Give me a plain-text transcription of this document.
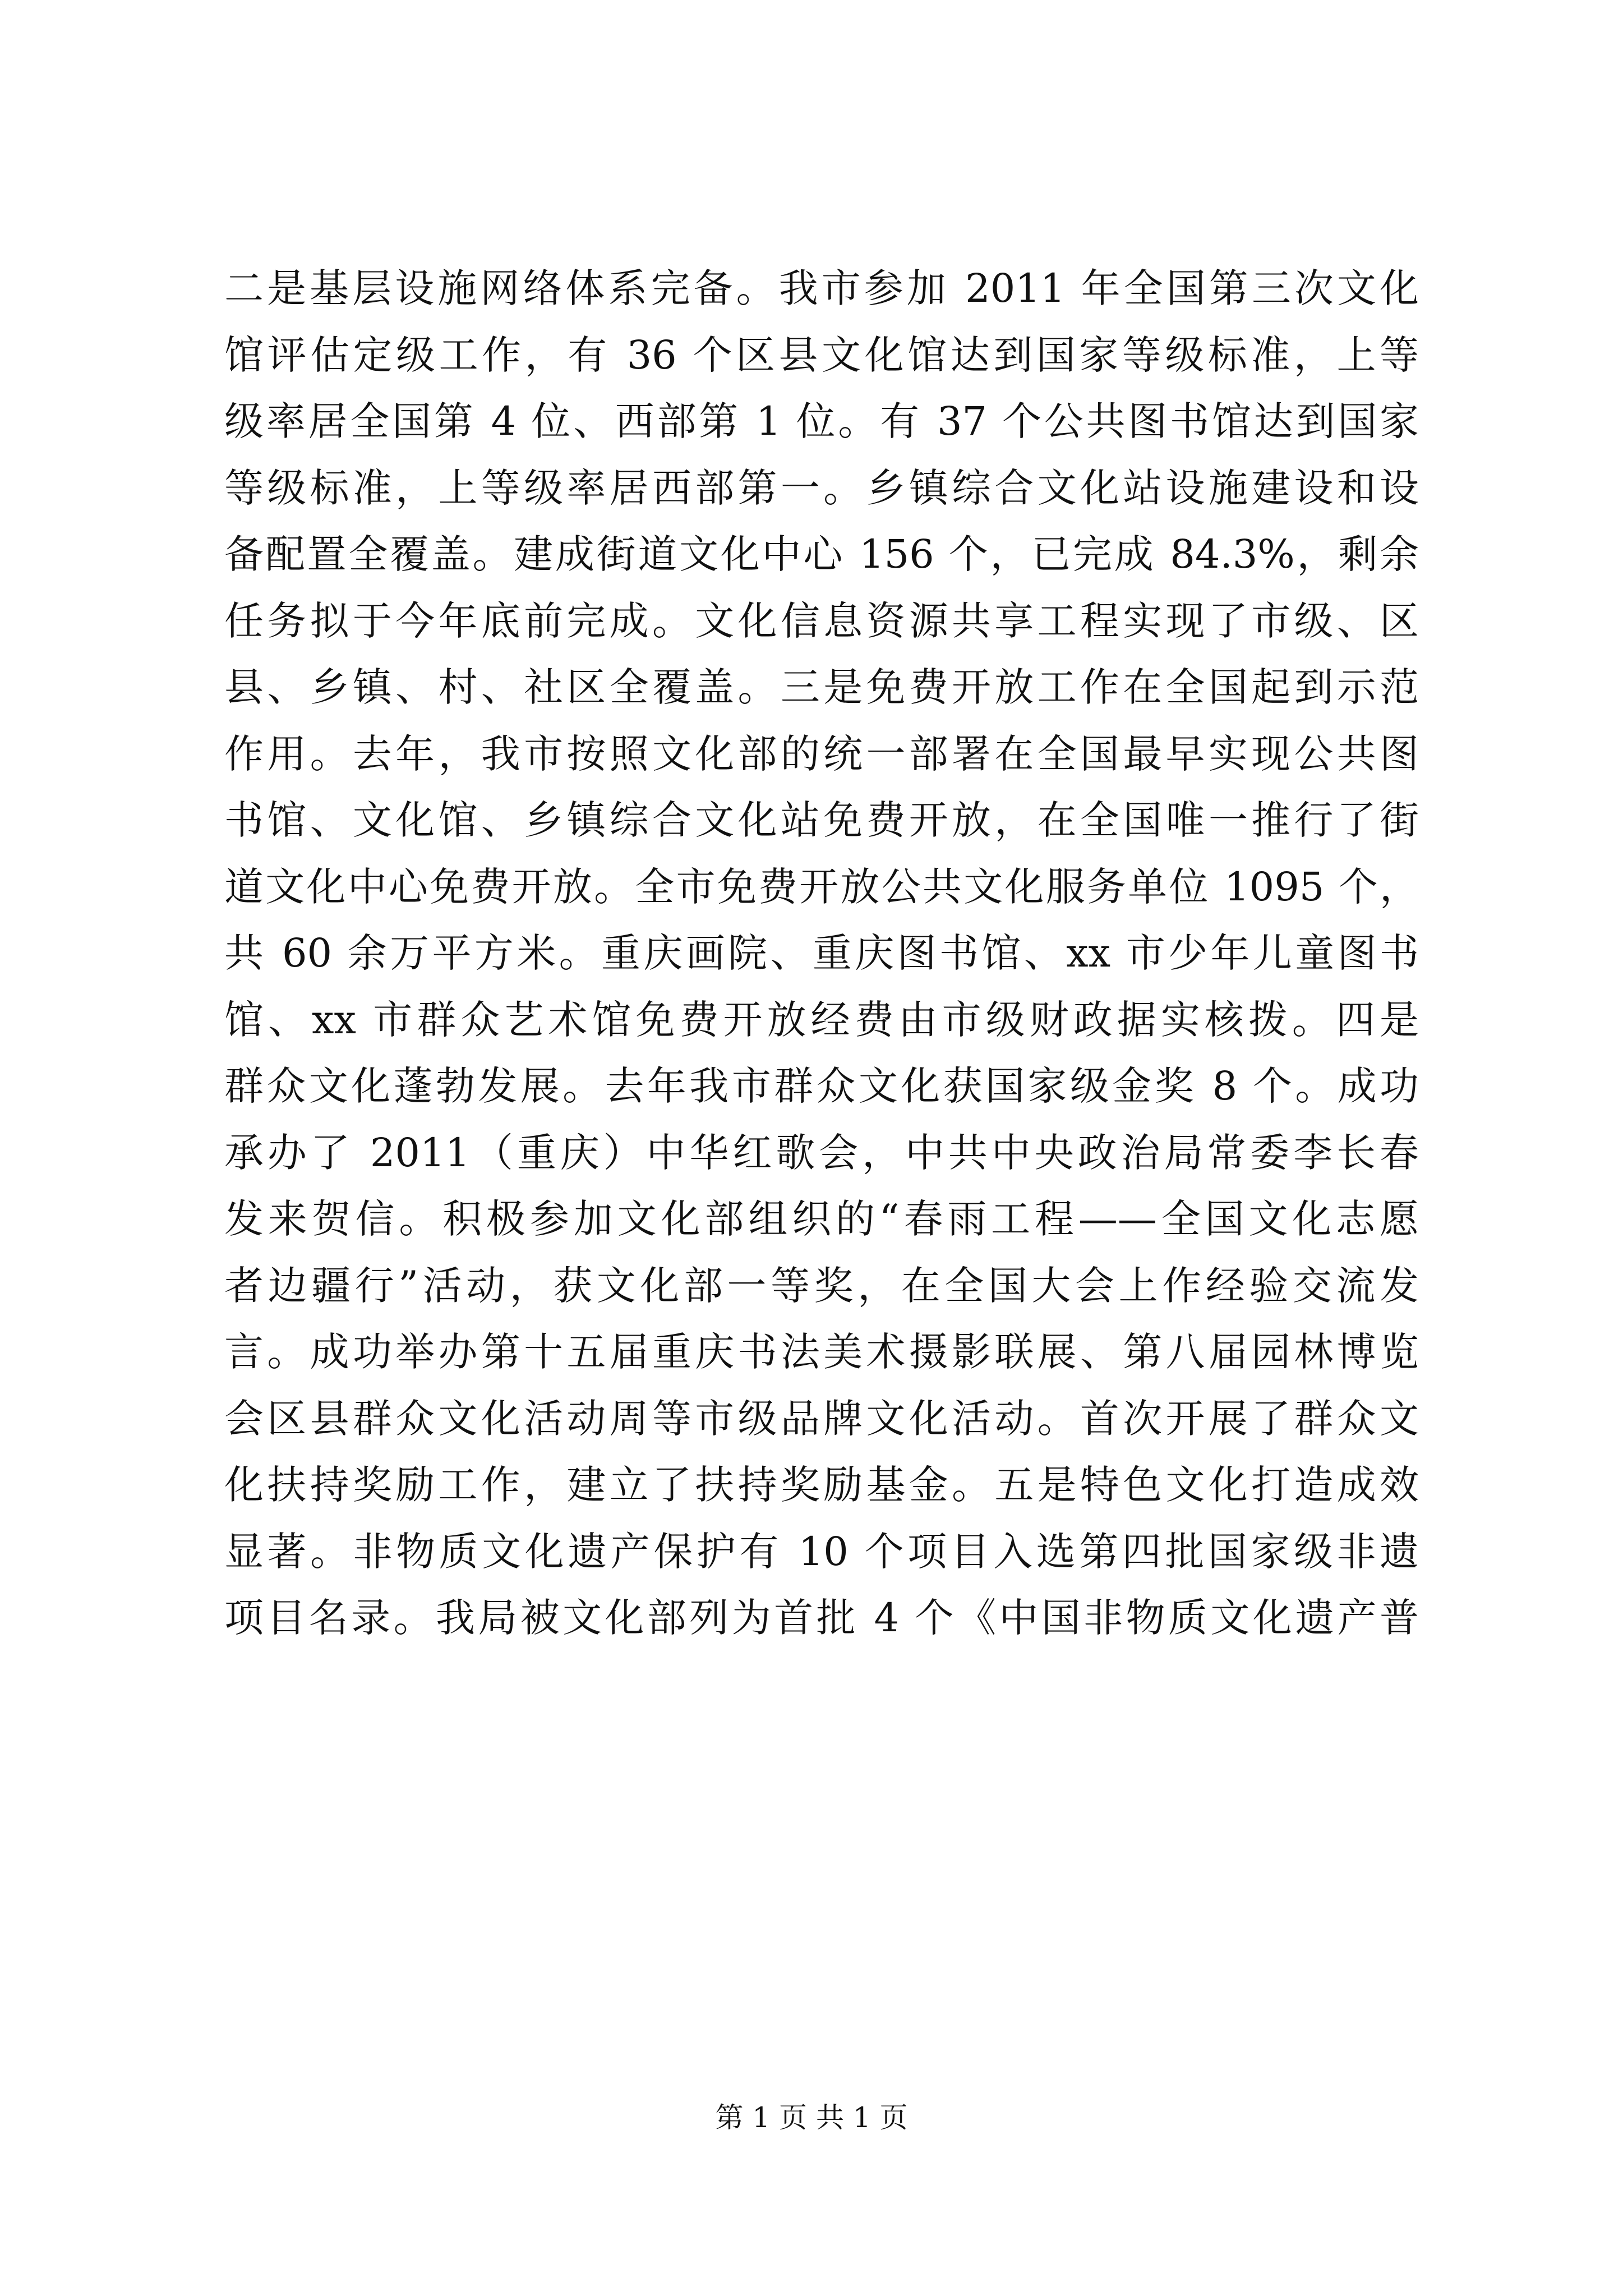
二是基层设施网络体系完备。我市参加 2011 年全国第三次文化
馆评估定级工作，有 36 个区县文化馆达到国家等级标准，上等
级率居全国第 4 位、西部第 1 位。有 37 个公共图书馆达到国家
等级标准，上等级率居西部第一。乡镇综合文化站设施建设和设
备配置全覆盖。建成街道文化中心 156 个，已完成 84.3%，剩余
任务拟于今年底前完成。文化信息资源共享工程实现了市级、区
县、乡镇、村、社区全覆盖。三是免费开放工作在全国起到示范
作用。去年，我市按照文化部的统一部署在全国最早实现公共图
书馆、文化馆、乡镇综合文化站免费开放，在全国唯一推行了街
道文化中心免费开放。全市免费开放公共文化服务单位 1095 个，
共 60 余万平方米。重庆画院、重庆图书馆、xx 市少年儿童图书
馆、xx 市群众艺术馆免费开放经费由市级财政据实核拨。四是
群众文化蓬勃发展。去年我市群众文化获国家级金奖 8 个。成功
承办了 2011（重庆）中华红歌会，中共中央政治局常委李长春
发来贺信。积极参加文化部组织的“春雨工程——全国文化志愿
者边疆行”活动，获文化部一等奖，在全国大会上作经验交流发
言。成功举办第十五届重庆书法美术摄影联展、第八届园林博览
会区县群众文化活动周等市级品牌文化活动。首次开展了群众文
化扶持奖励工作，建立了扶持奖励基金。五是特色文化打造成效
显著。非物质文化遗产保护有 10 个项目入选第四批国家级非遗
项目名录。我局被文化部列为首批 4 个《中国非物质文化遗产普
第 1 页 共 1 页
